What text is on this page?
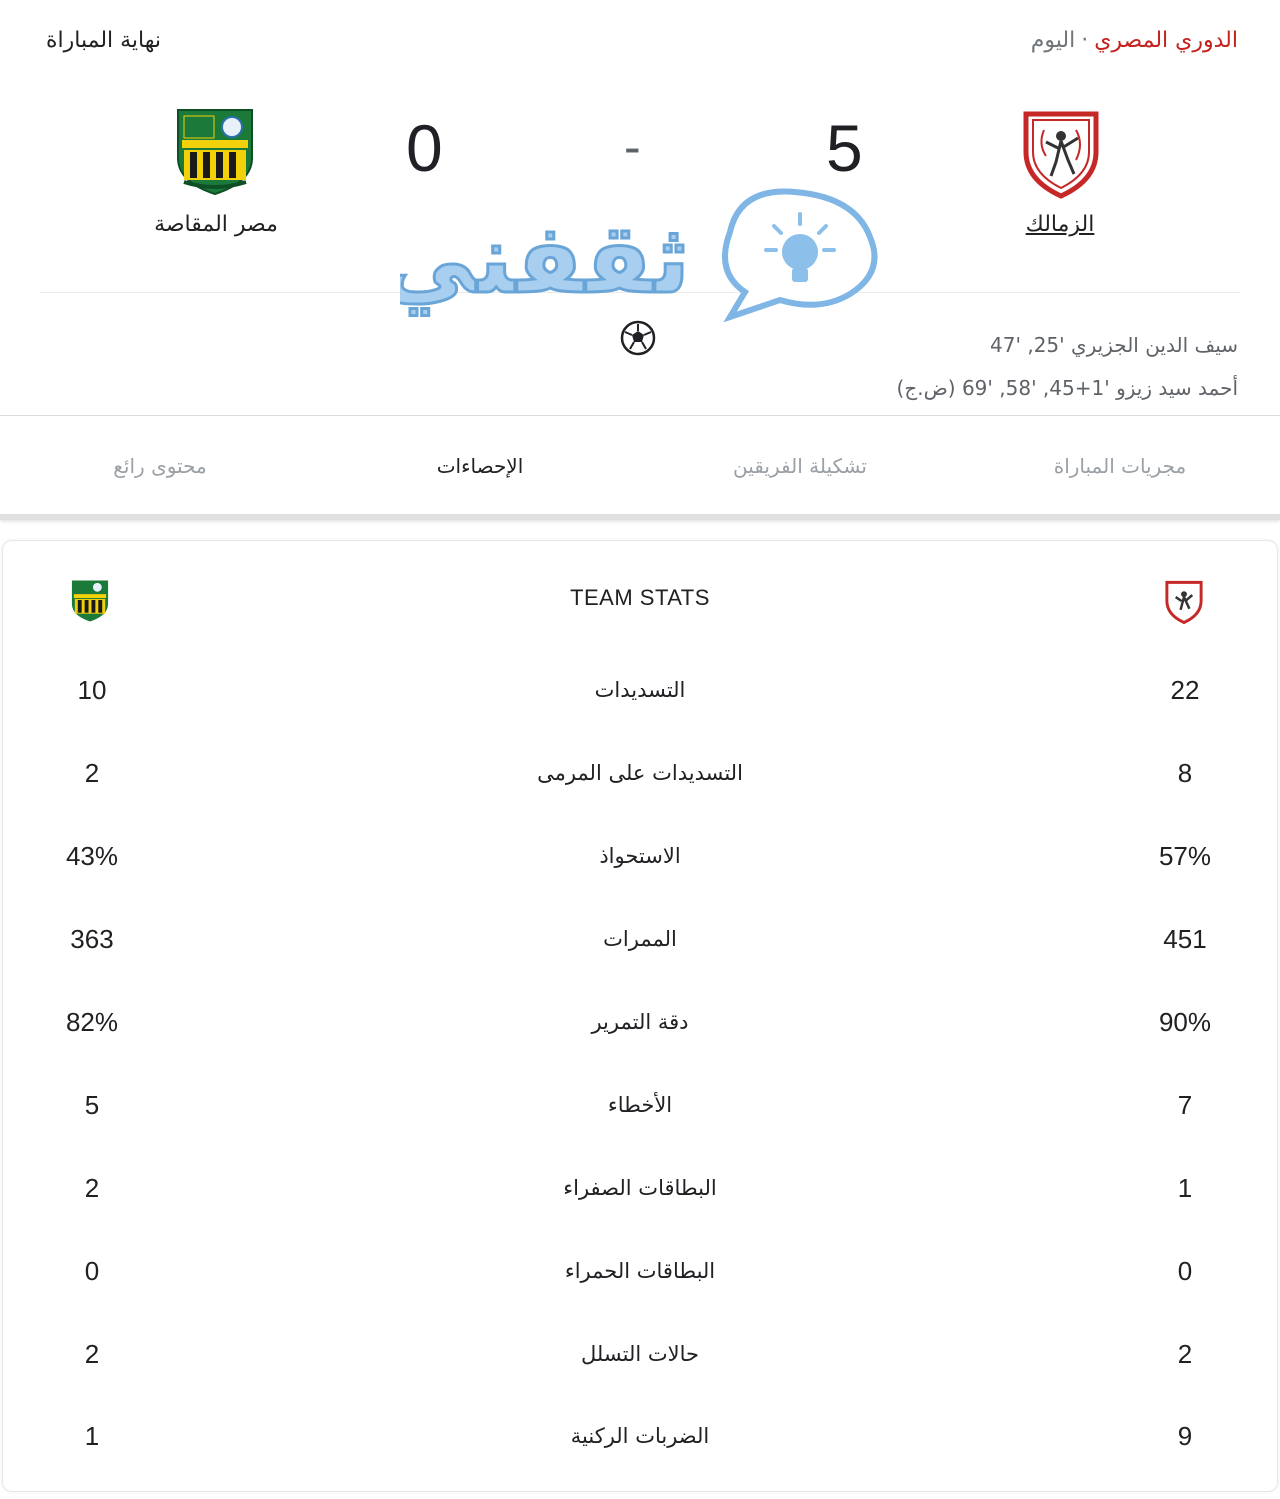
الدوري المصري·اليوم
نهاية المباراة
الزمالك
مصر المقاصة
5
-
0
ثقفني
سيف الدين الجزيري '25, '47
أحمد سيد زيزو '1+45, '58, '69 (ض.ج)
مجريات المباراة
تشكيلة الفريقين
الإحصاءات
محتوى رائع
TEAM STATS
22
التسديدات
10
8
التسديدات على المرمى
2
57%
الاستحواذ
43%
451
الممرات
363
90%
دقة التمرير
82%
7
الأخطاء
5
1
البطاقات الصفراء
2
0
البطاقات الحمراء
0
2
حالات التسلل
2
9
الضربات الركنية
1
